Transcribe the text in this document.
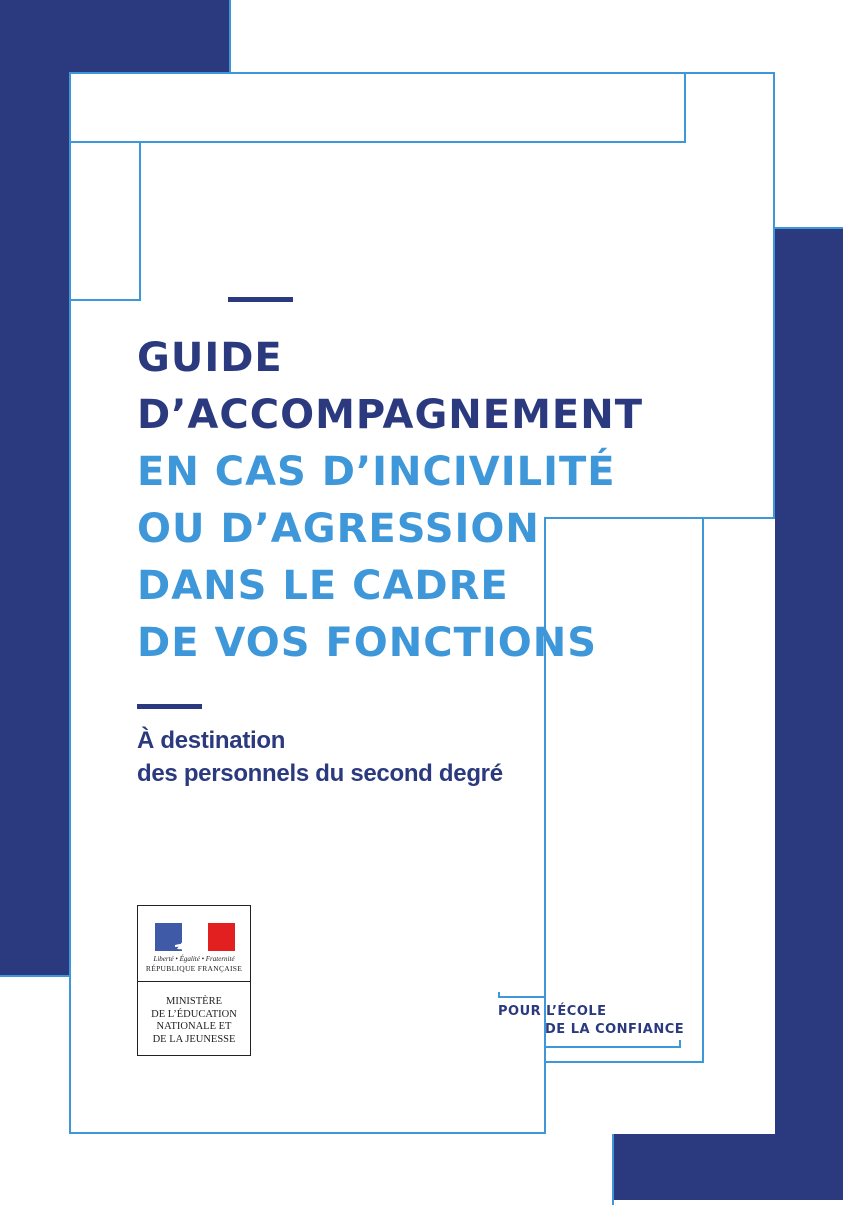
GUIDE
D’ACCOMPAGNEMENT
EN CAS D’INCIVILITÉ
OU D’AGRESSION
DANS LE CADRE
DE VOS FONCTIONS
À destination
des personnels du second degré
Liberté • Égalité • Fraternité
RÉPUBLIQUE FRANÇAISE
MINISTÈRE
DE L’ÉDUCATION
NATIONALE ET
DE LA JEUNESSE
POUR L’ÉCOLE
DE LA CONFIANCE
